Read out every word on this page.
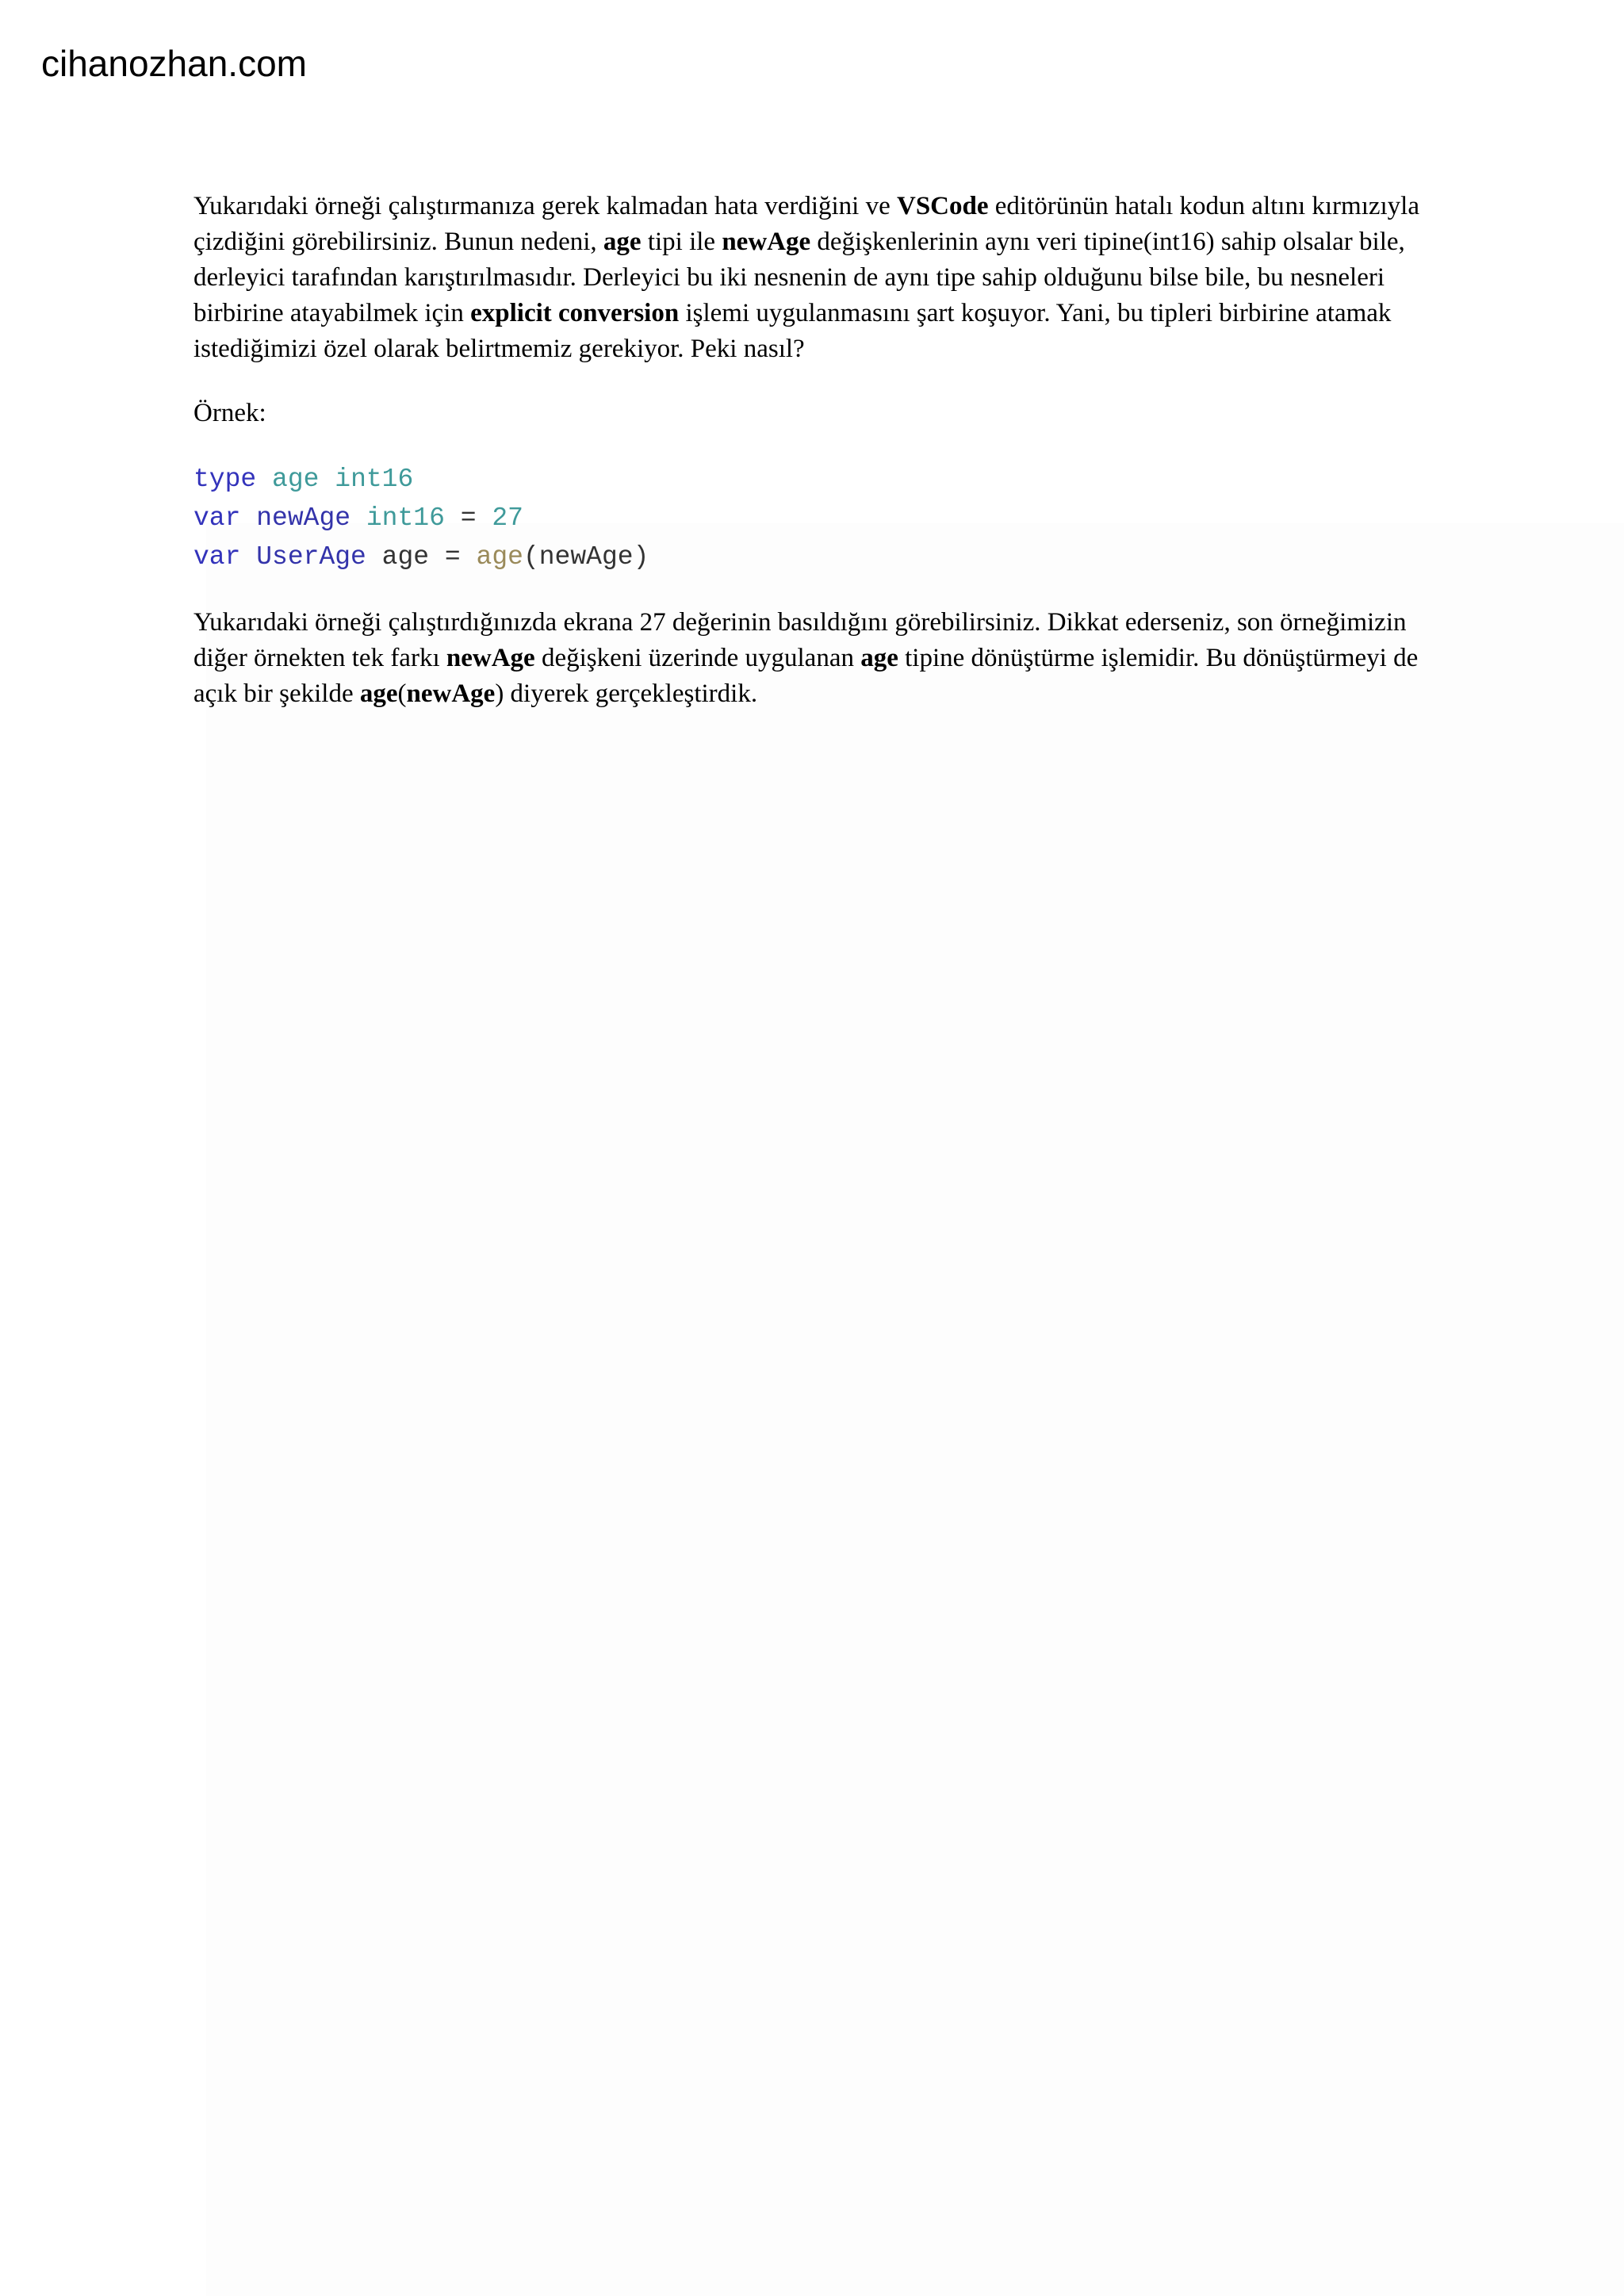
cihanozhan.com

Yukarıdaki örneği çalıştırmanıza gerek kalmadan hata verdiğini ve VSCode editörünün hatalı kodun altını kırmızıyla çizdiğini görebilirsiniz. Bunun nedeni, age tipi ile newAge değişkenlerinin aynı veri tipine(int16) sahip olsalar bile, derleyici tarafından karıştırılmasıdır. Derleyici bu iki nesnenin de aynı tipe sahip olduğunu bilse bile, bu nesneleri birbirine atayabilmek için explicit conversion işlemi uygulanmasını şart koşuyor. Yani, bu tipleri birbirine atamak istediğimizi özel olarak belirtmemiz gerekiyor. Peki nasıl?

Örnek:

type age int16
var newAge int16 = 27
var UserAge age = age(newAge)

Yukarıdaki örneği çalıştırdığınızda ekrana 27 değerinin basıldığını görebilirsiniz. Dikkat ederseniz, son örneğimizin diğer örnekten tek farkı newAge değişkeni üzerinde uygulanan age tipine dönüştürme işlemidir. Bu dönüştürmeyi de açık bir şekilde age(newAge) diyerek gerçekleştirdik.
